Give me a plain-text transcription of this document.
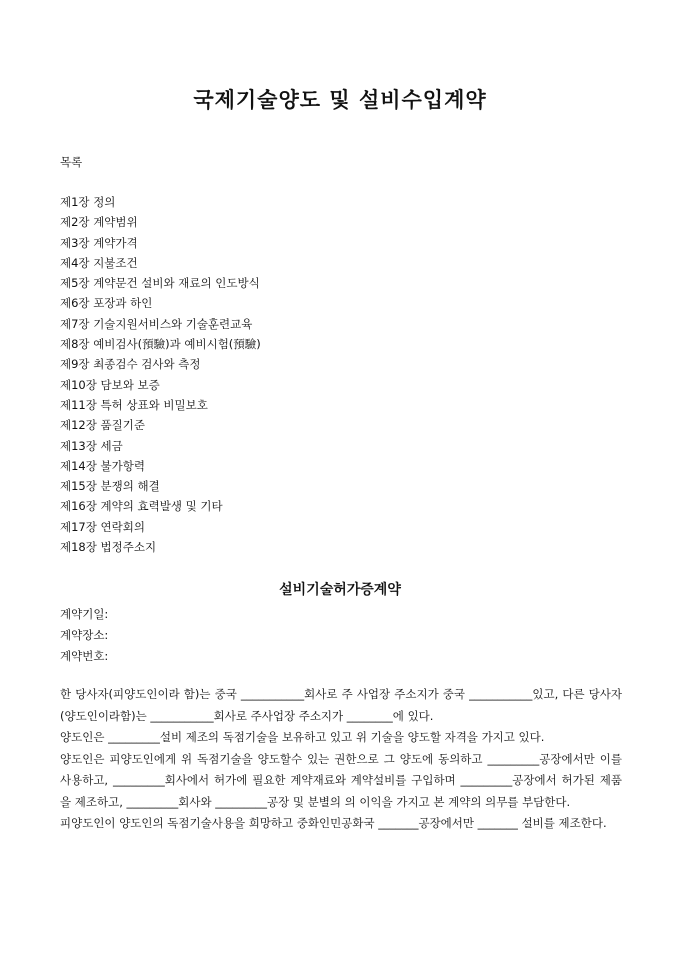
국제기술양도 및 설비수입계약
목록
제1장 정의
제2장 계약범위
제3장 계약가격
제4장 지불조건
제5장 계약문건 설비와 재료의 인도방식
제6장 포장과 하인
제7장 기술지원서비스와 기술훈련교육
제8장 예비검사(預驗)과 예비시험(預驗)
제9장 최종검수 검사와 측정
제10장 담보와 보증
제11장 특허 상표와 비밀보호
제12장 품질기준
제13장 세금
제14장 불가항력
제15장 분쟁의 해결
제16장 계약의 효력발생 및 기타
제17장 연락회의
제18장 법정주소지
설비기술허가증계약
계약기일:
계약장소:
계약번호:

한 당사자(피양도인이라 함)는 중국 ___________회사로 주 사업장 주소지가 중국 ___________있고, 다른 당사자(양도인이라함)는 ___________회사로 주사업장 주소지가 ________에 있다.

양도인은 _________설비 제조의 독점기술을 보유하고 있고 위 기술을 양도할 자격을 가지고 있다.

양도인은 피양도인에게 위 독점기술을 양도할수 있는 권한으로 그 양도에 동의하고 _________공장에서만 이를 사용하고, _________회사에서 허가에 필요한 계약재료와 계약설비를 구입하며 _________공장에서 허가된 제품을 제조하고, _________회사와 _________공장 및 분별의 의 이익을 가지고 본 계약의 의무를 부담한다.

피양도인이 양도인의 독점기술사용을 희망하고 중화인민공화국 _______공장에서만 _______ 설비를 제조한다.
